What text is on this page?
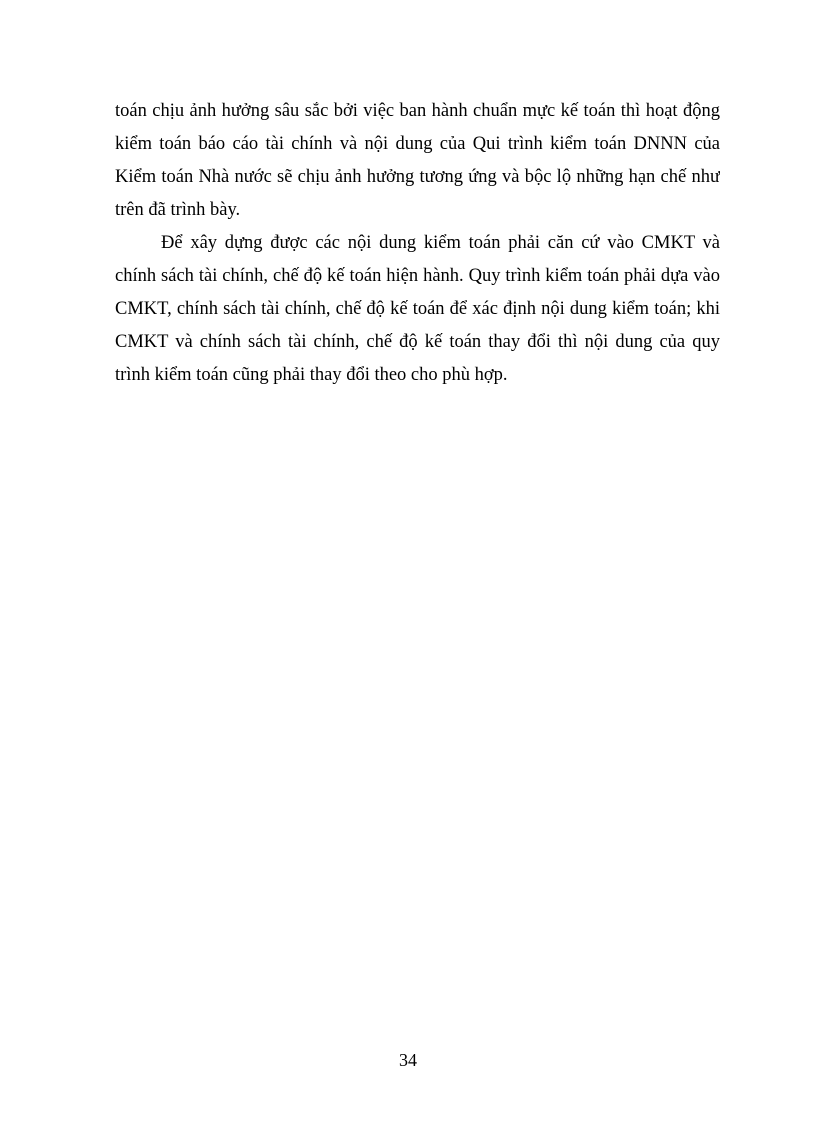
toán chịu ảnh hưởng sâu sắc bởi việc ban hành chuẩn mực kế toán thì hoạt động
kiểm toán báo cáo tài chính và nội dung của Qui trình kiểm toán DNNN của
Kiểm toán Nhà nước sẽ chịu ảnh hưởng tương ứng và bộc lộ những hạn chế như
trên đã trình bày.
Để xây dựng được các nội dung kiểm toán phải căn cứ vào CMKT và
chính sách tài chính, chế độ kế toán hiện hành. Quy trình kiểm toán phải dựa vào
CMKT, chính sách tài chính, chế độ kế toán để xác định nội dung kiểm toán; khi
CMKT và chính sách tài chính, chế độ kế toán thay đổi thì nội dung của quy
trình kiểm toán cũng phải thay đổi theo cho phù hợp.
34
